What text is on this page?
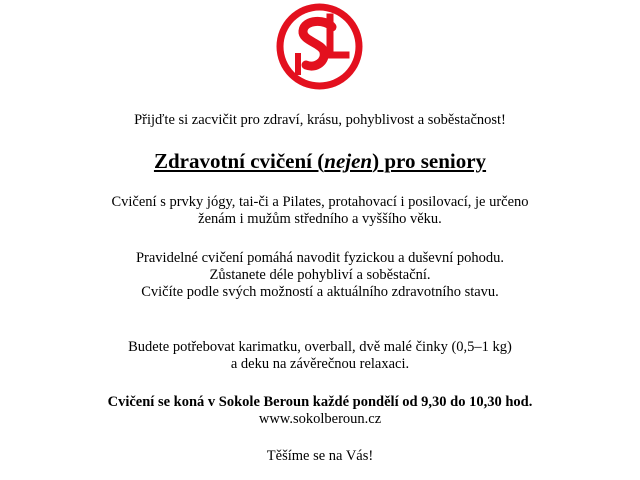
Přijďte si zacvičit pro zdraví, krásu, pohyblivost a soběstačnost!
Zdravotní cvičení (nejen) pro seniory
Cvičení s prvky jógy, tai-či a Pilates, protahovací i posilovací, je určeno
ženám i mužům středního a vyššího věku.
Pravidelné cvičení pomáhá navodit fyzickou a duševní pohodu.
Zůstanete déle pohybliví a soběstační.
Cvičíte podle svých možností a aktuálního zdravotního stavu.
Budete potřebovat karimatku, overball, dvě malé činky (0,5–1 kg)
a deku na závěrečnou relaxaci.
Cvičení se koná v Sokole Beroun každé pondělí od 9,30 do 10,30 hod.
www.sokolberoun.cz
Těšíme se na Vás!
